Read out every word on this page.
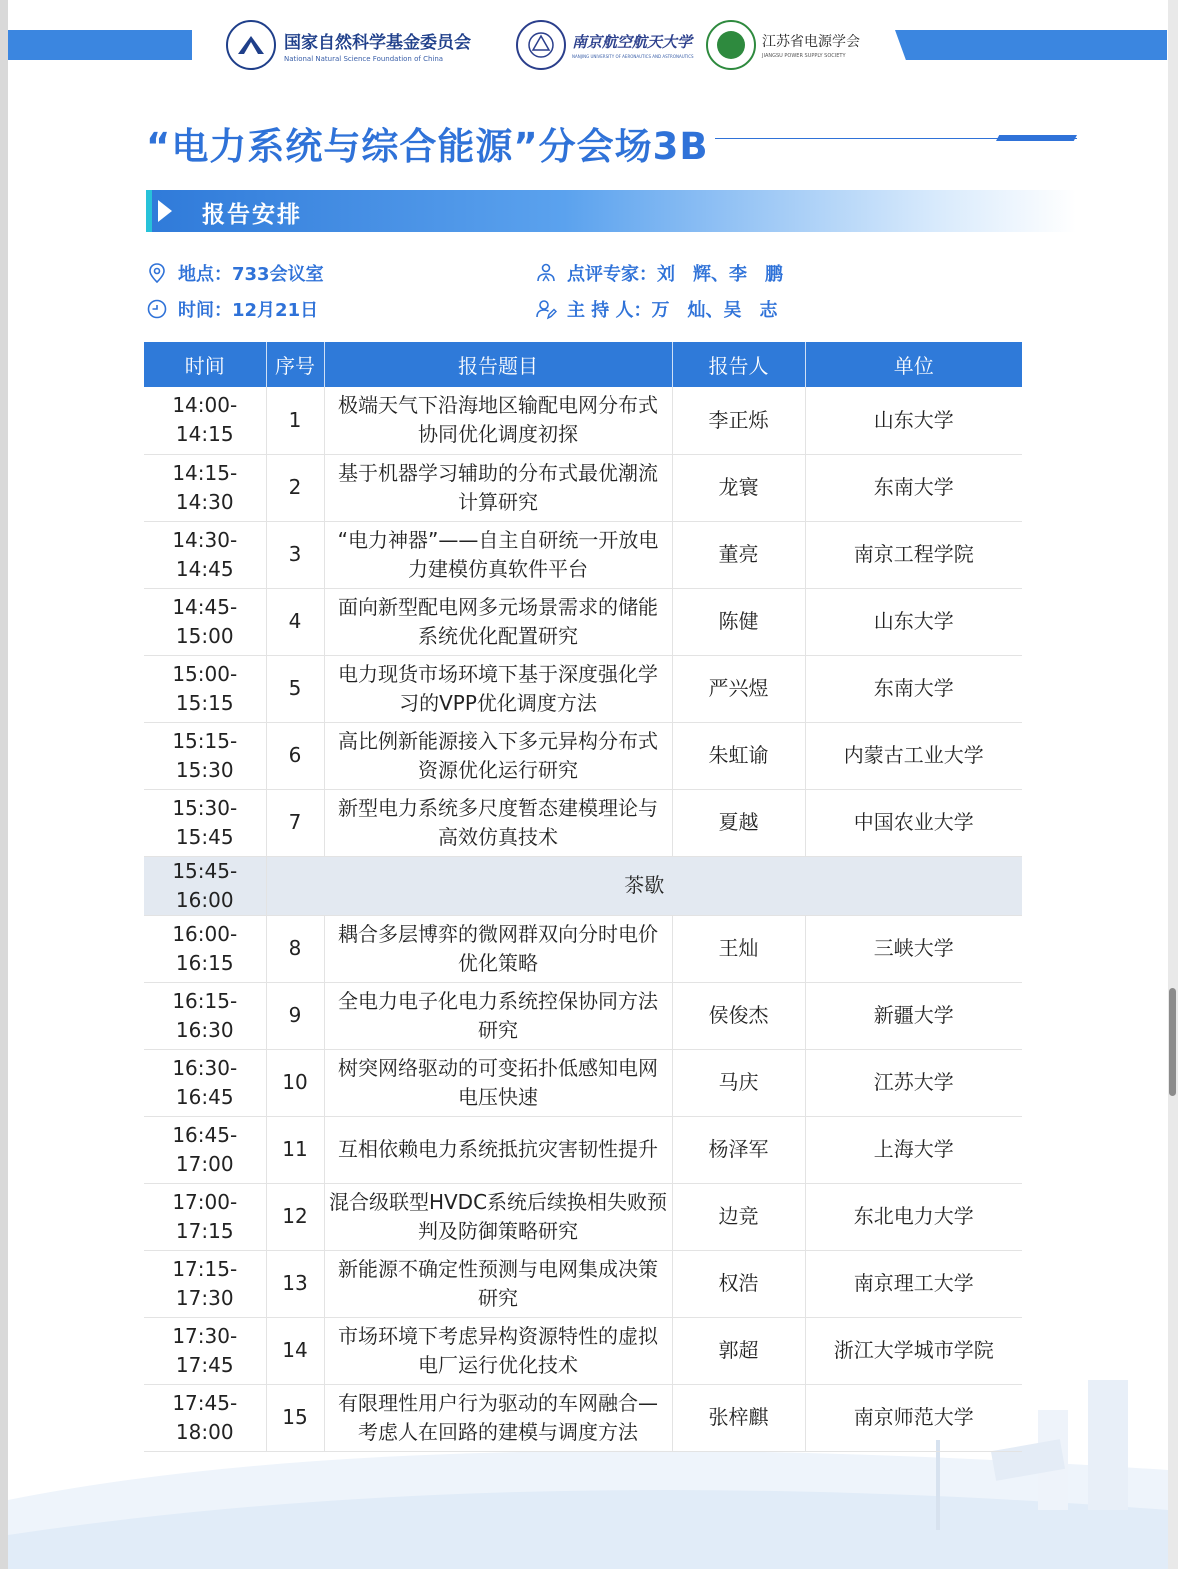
国家自然科学基金委员会
National Natural Science Foundation of China
南京航空航天大学
NANJING UNIVERSITY OF AERONAUTICS AND ASTRONAUTICS
江苏省电源学会
JIANGSU POWER SUPPLY SOCIETY
“电力系统与综合能源”分会场3B
报告安排
地点：733会议室
时间：12月21日
点评专家：刘　辉、李　鹏
主 持 人：万　灿、吴　志
时间	序号	报告题目	报告人	单位
14:00-14:15	1	极端天气下沿海地区输配电网分布式协同优化调度初探	李正烁	山东大学
14:15-14:30	2	基于机器学习辅助的分布式最优潮流计算研究	龙寰	东南大学
14:30-14:45	3	“电力神器”——自主自研统一开放电力建模仿真软件平台	董亮	南京工程学院
14:45-15:00	4	面向新型配电网多元场景需求的储能系统优化配置研究	陈健	山东大学
15:00-15:15	5	电力现货市场环境下基于深度强化学习的VPP优化调度方法	严兴煜	东南大学
15:15-15:30	6	高比例新能源接入下多元异构分布式资源优化运行研究	朱虹谕	内蒙古工业大学
15:30-15:45	7	新型电力系统多尺度暂态建模理论与高效仿真技术	夏越	中国农业大学
15:45-16:00	茶歇			
16:00-16:15	8	耦合多层博弈的微网群双向分时电价优化策略	王灿	三峡大学
16:15-16:30	9	全电力电子化电力系统控保协同方法研究	侯俊杰	新疆大学
16:30-16:45	10	树突网络驱动的可变拓扑低感知电网电压快速	马庆	江苏大学
16:45-17:00	11	互相依赖电力系统抵抗灾害韧性提升	杨泽军	上海大学
17:00-17:15	12	混合级联型HVDC系统后续换相失败预判及防御策略研究	边竞	东北电力大学
17:15-17:30	13	新能源不确定性预测与电网集成决策研究	权浩	南京理工大学
17:30-17:45	14	市场环境下考虑异构资源特性的虚拟电厂运行优化技术	郭超	浙江大学城市学院
17:45-18:00	15	有限理性用户行为驱动的车网融合—考虑人在回路的建模与调度方法	张梓麒	南京师范大学
